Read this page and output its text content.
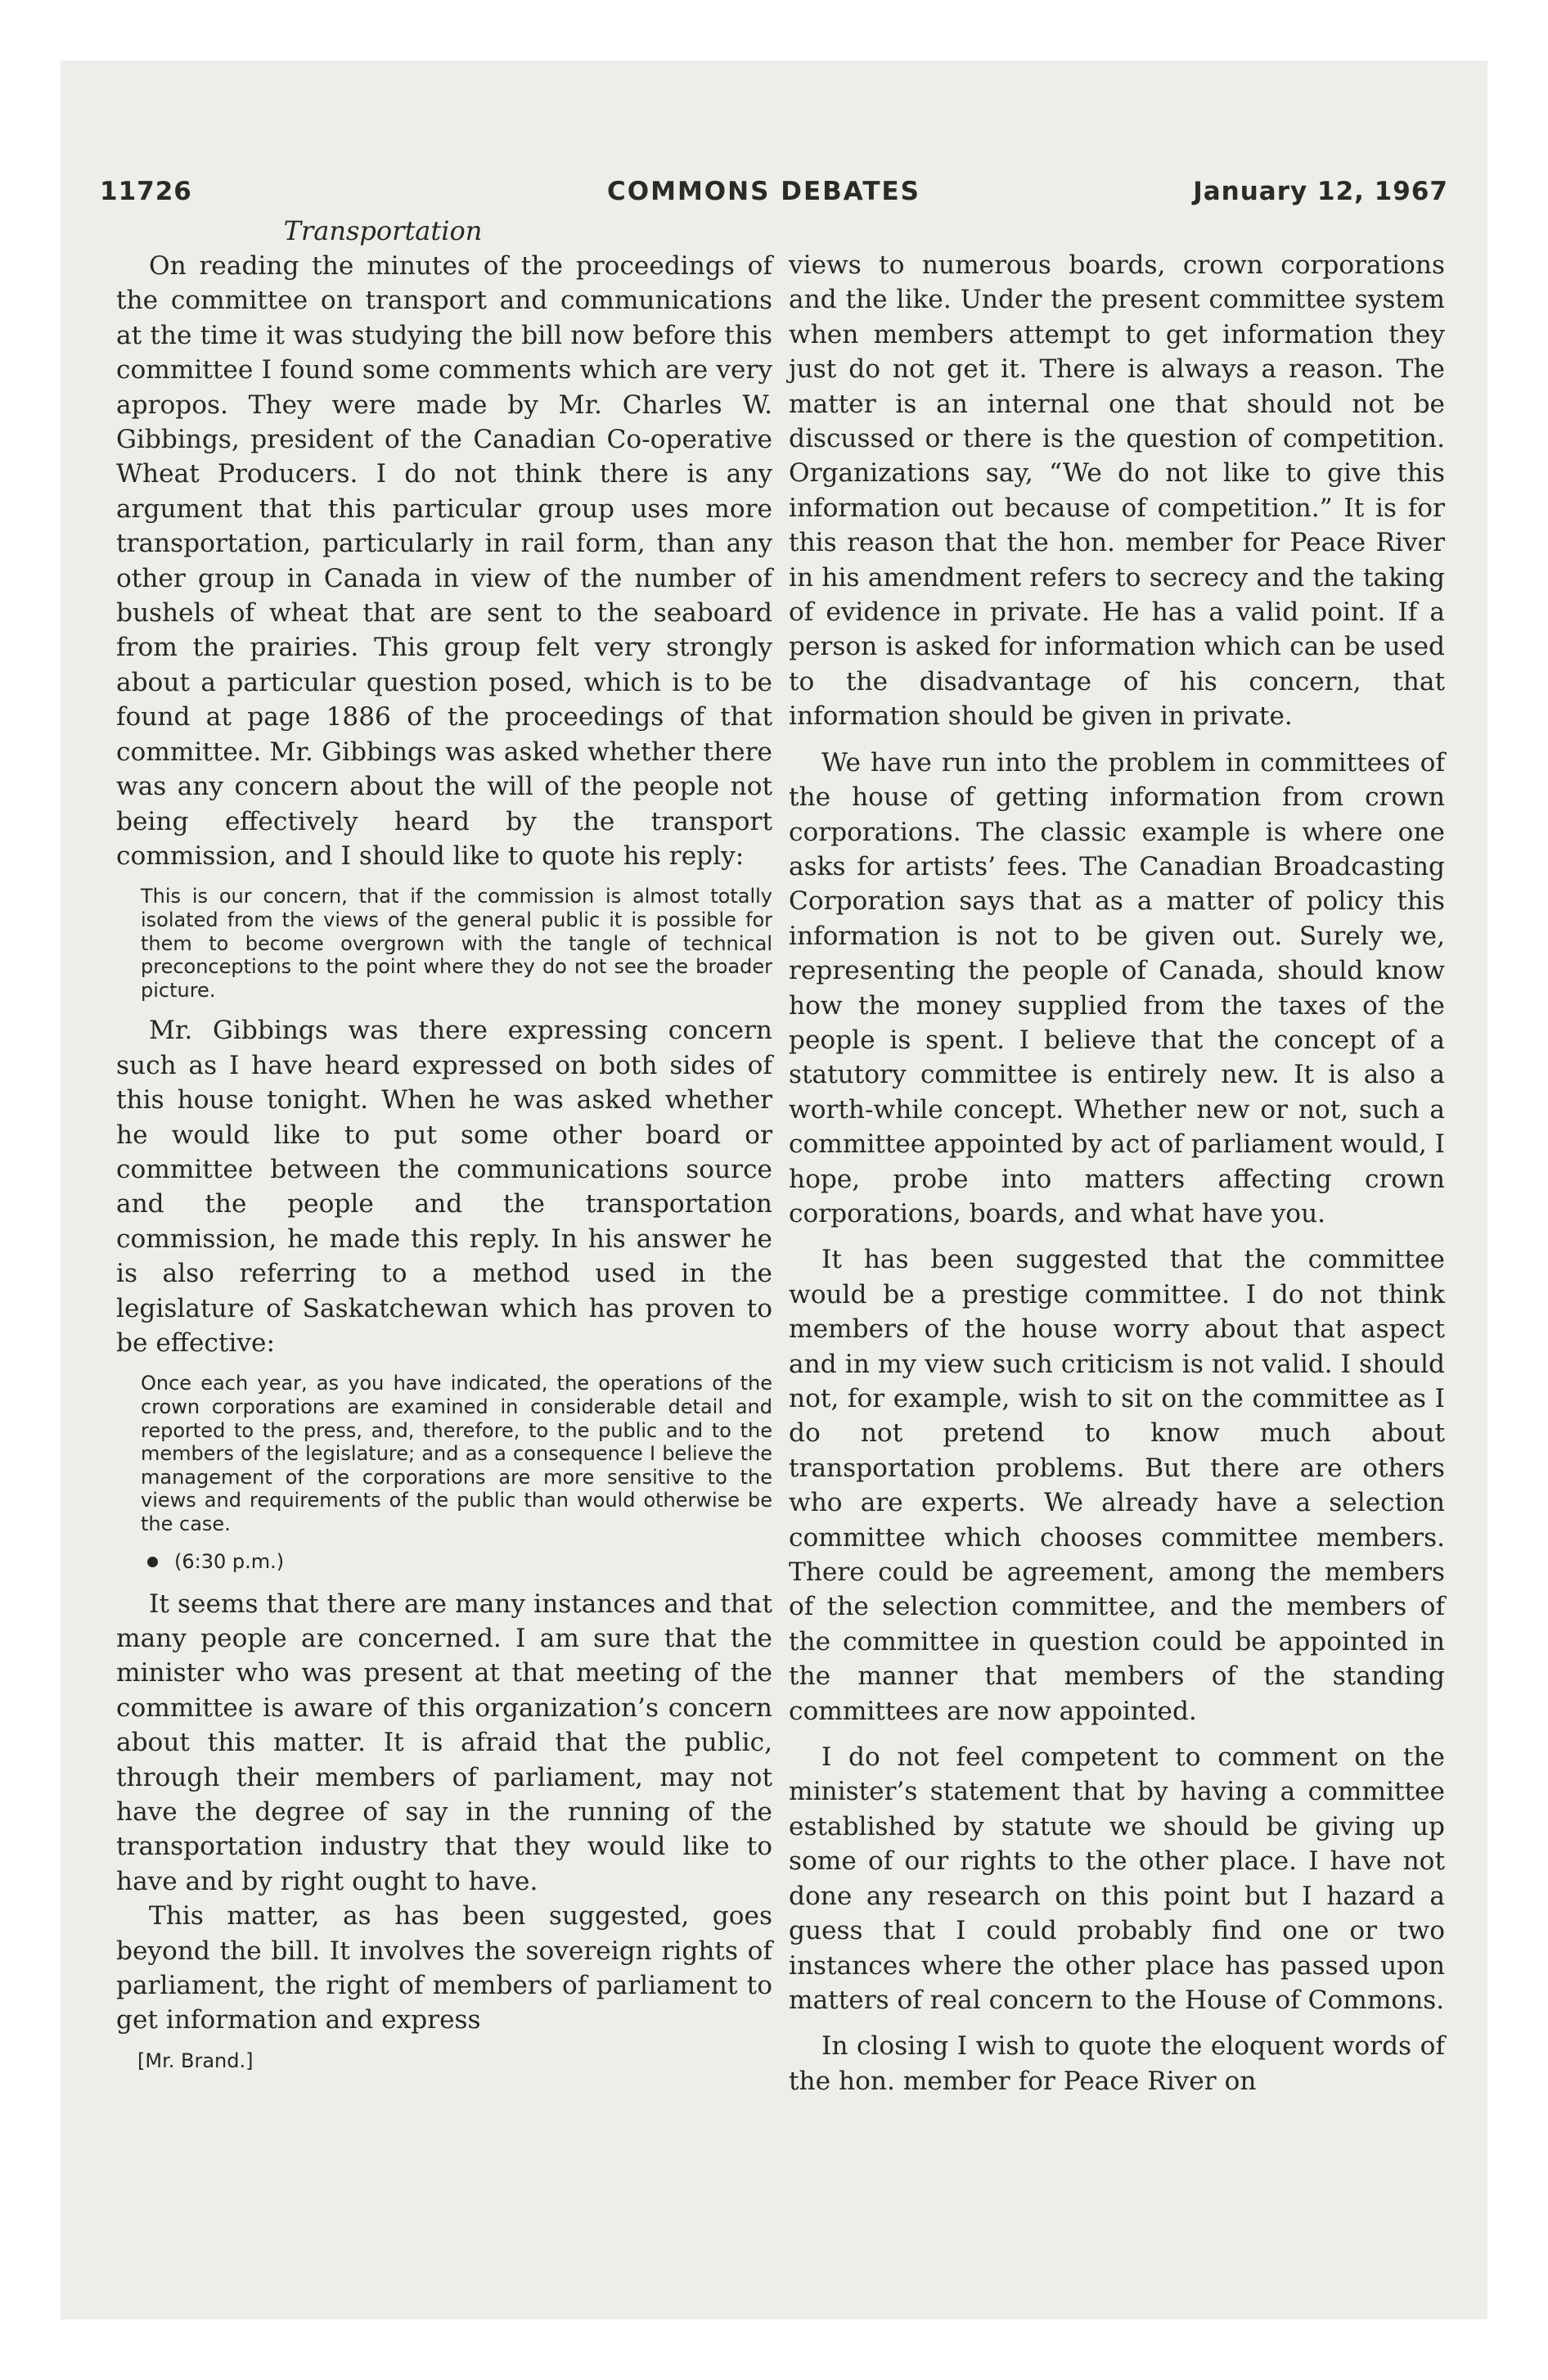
11726	COMMONS DEBATES	January 12, 1967
Transportation

On reading the minutes of the proceedings of the committee on transport and communications at the time it was studying the bill now before this committee I found some comments which are very apropos. They were made by Mr. Charles W. Gibbings, president of the Canadian Co-operative Wheat Producers. I do not think there is any argument that this particular group uses more transportation, particularly in rail form, than any other group in Canada in view of the number of bushels of wheat that are sent to the seaboard from the prairies. This group felt very strongly about a particular question posed, which is to be found at page 1886 of the proceedings of that committee. Mr. Gibbings was asked whether there was any concern about the will of the people not being effectively heard by the transport commission, and I should like to quote his reply:

This is our concern, that if the commission is almost totally isolated from the views of the general public it is possible for them to become overgrown with the tangle of technical preconceptions to the point where they do not see the broader picture.

Mr. Gibbings was there expressing concern such as I have heard expressed on both sides of this house tonight. When he was asked whether he would like to put some other board or committee between the communications source and the people and the transportation commission, he made this reply. In his answer he is also referring to a method used in the legislature of Saskatchewan which has proven to be effective:

Once each year, as you have indicated, the operations of the crown corporations are examined in considerable detail and reported to the press, and, therefore, to the public and to the members of the legislature; and as a consequence I believe the management of the corporations are more sensitive to the views and requirements of the public than would otherwise be the case.
(6:30 p.m.)

It seems that there are many instances and that many people are concerned. I am sure that the minister who was present at that meeting of the committee is aware of this organization’s concern about this matter. It is afraid that the public, through their members of parliament, may not have the degree of say in the running of the transportation industry that they would like to have and by right ought to have.

This matter, as has been suggested, goes beyond the bill. It involves the sovereign rights of parliament, the right of members of parliament to get information and express

[Mr. Brand.]

views to numerous boards, crown corporations and the like. Under the present committee system when members attempt to get information they just do not get it. There is always a reason. The matter is an internal one that should not be discussed or there is the question of competition. Organizations say, “We do not like to give this information out because of competition.” It is for this reason that the hon. member for Peace River in his amendment refers to secrecy and the taking of evidence in private. He has a valid point. If a person is asked for information which can be used to the disadvantage of his concern, that information should be given in private.

We have run into the problem in committees of the house of getting information from crown corporations. The classic example is where one asks for artists’ fees. The Canadian Broadcasting Corporation says that as a matter of policy this information is not to be given out. Surely we, representing the people of Canada, should know how the money supplied from the taxes of the people is spent. I believe that the concept of a statutory committee is entirely new. It is also a worth-while concept. Whether new or not, such a committee appointed by act of parliament would, I hope, probe into matters affecting crown corporations, boards, and what have you.

It has been suggested that the committee would be a prestige committee. I do not think members of the house worry about that aspect and in my view such criticism is not valid. I should not, for example, wish to sit on the committee as I do not pretend to know much about transportation problems. But there are others who are experts. We already have a selection committee which chooses committee members. There could be agreement, among the members of the selection committee, and the members of the committee in question could be appointed in the manner that members of the standing committees are now appointed.

I do not feel competent to comment on the minister’s statement that by having a committee established by statute we should be giving up some of our rights to the other place. I have not done any research on this point but I hazard a guess that I could probably find one or two instances where the other place has passed upon matters of real concern to the House of Commons.

In closing I wish to quote the eloquent words of the hon. member for Peace River on
